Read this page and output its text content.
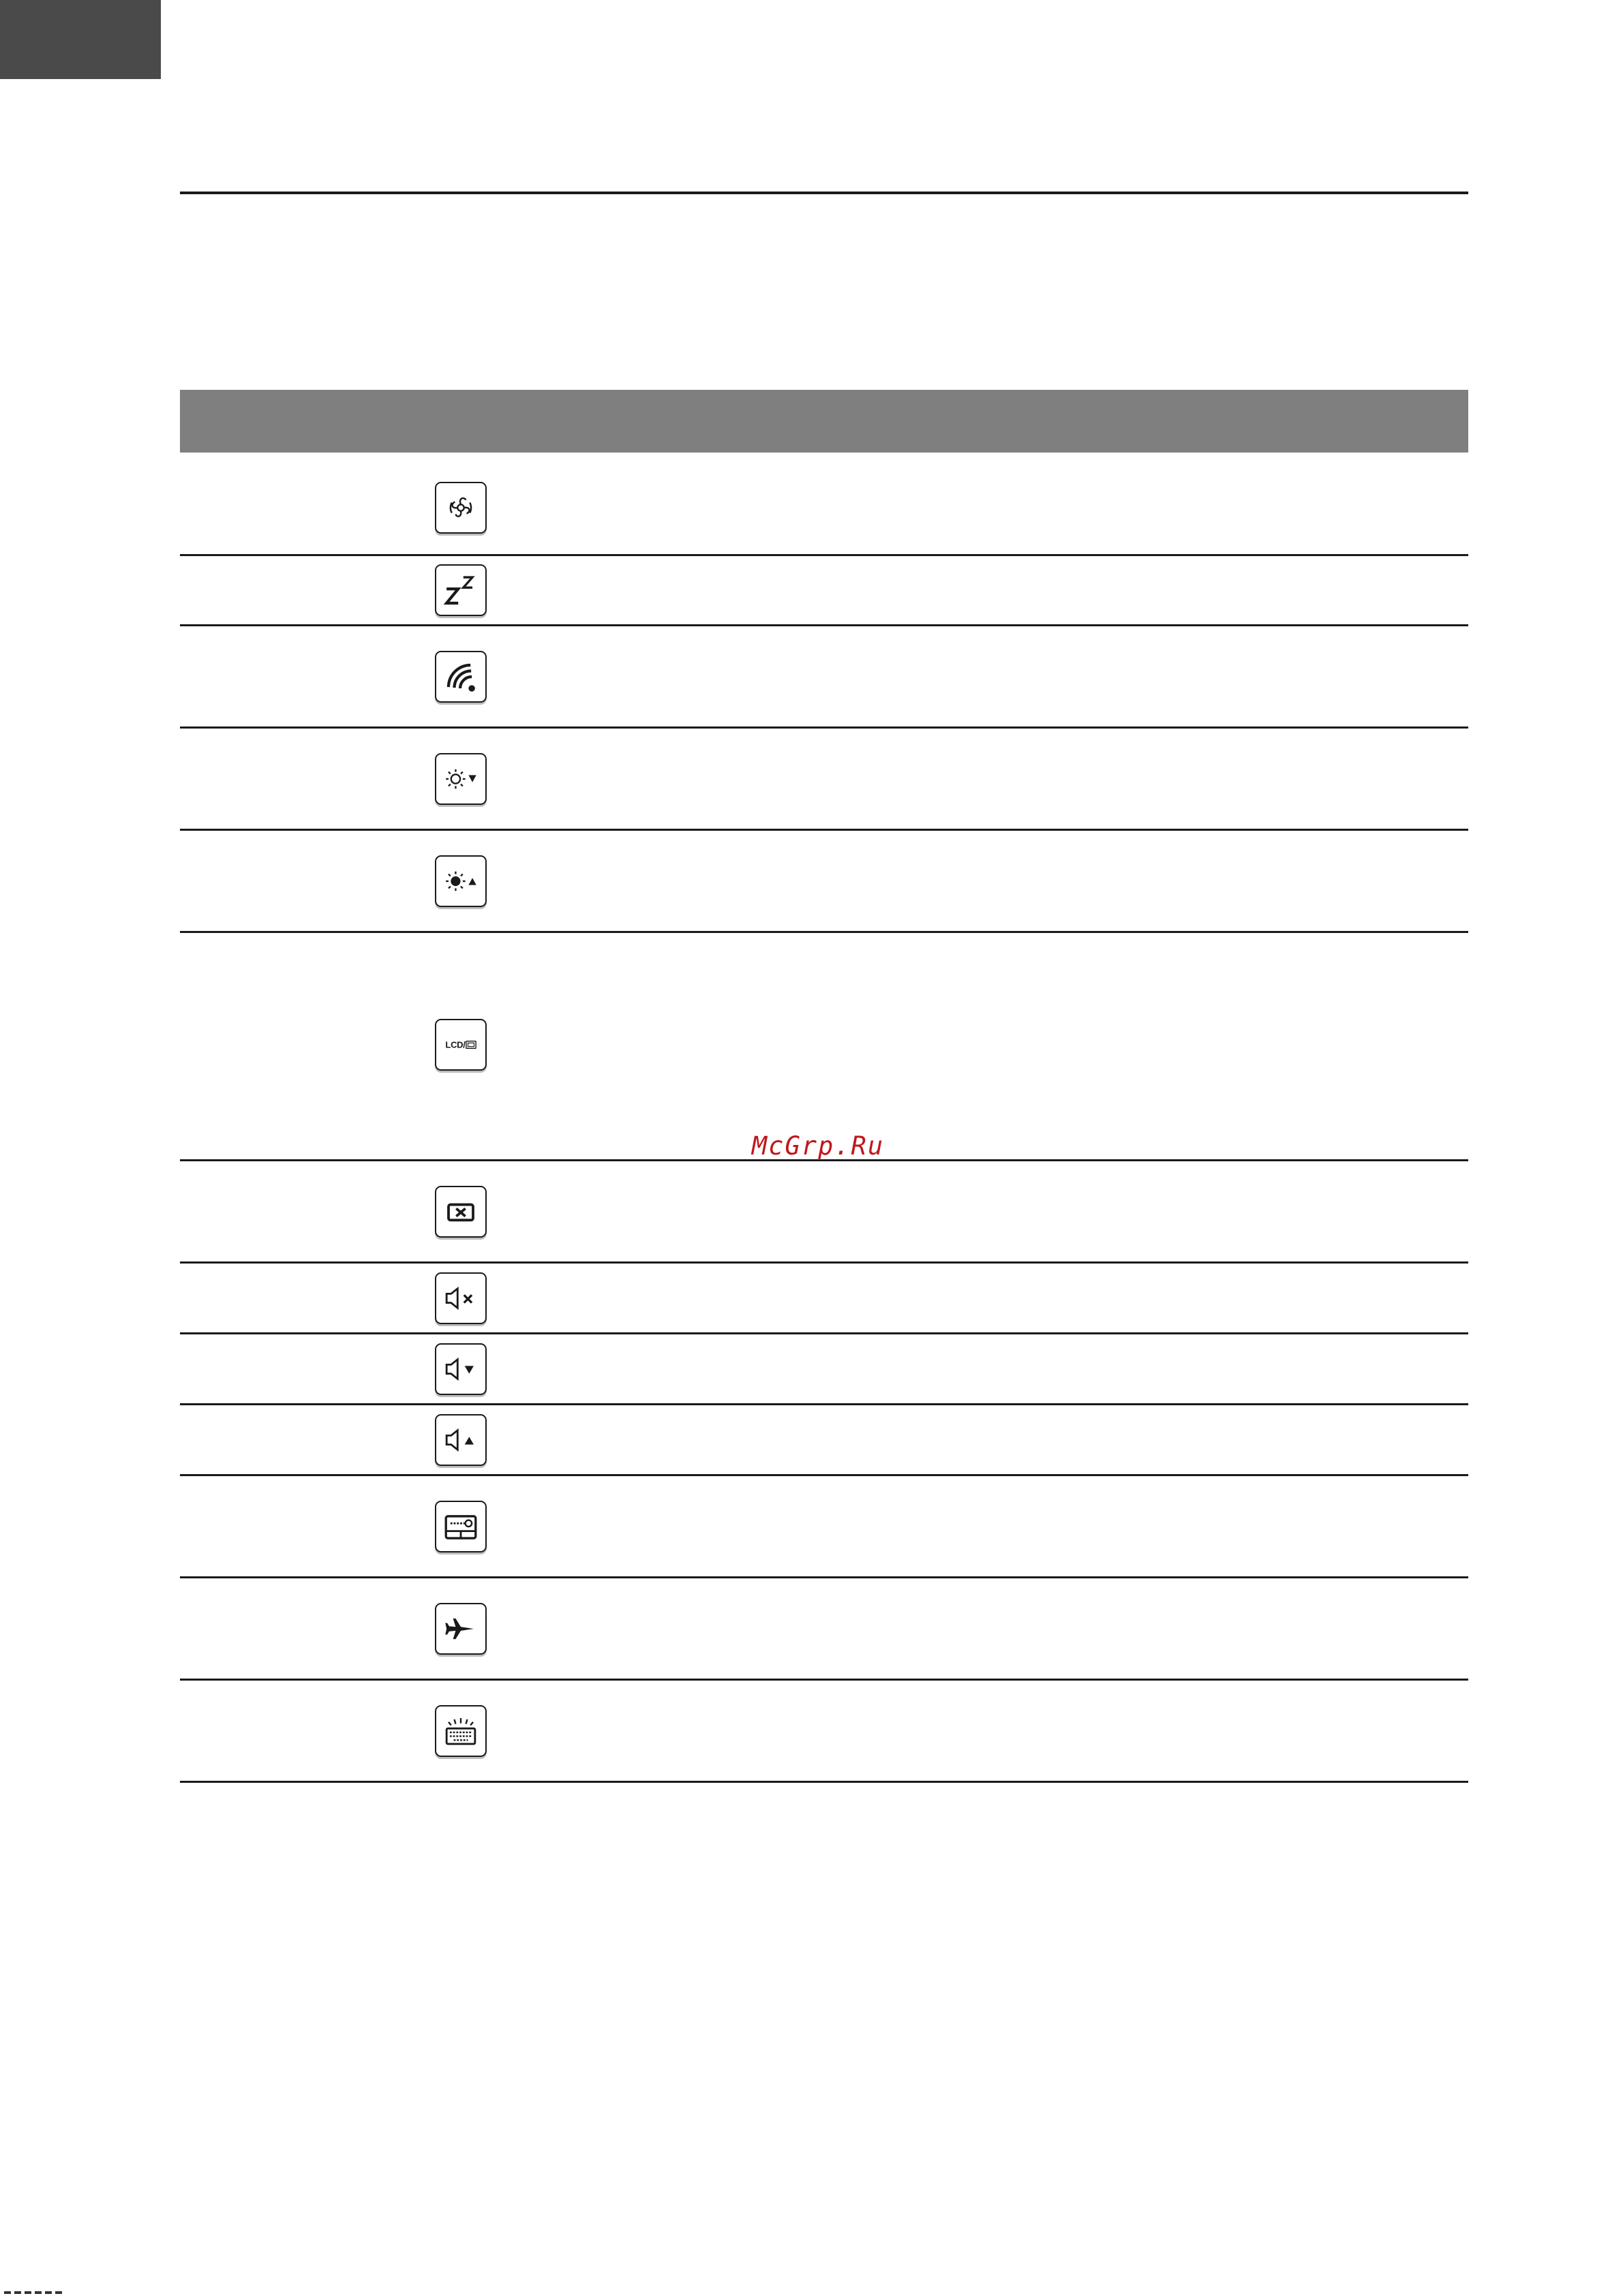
LCD/
McGrp.Ru
